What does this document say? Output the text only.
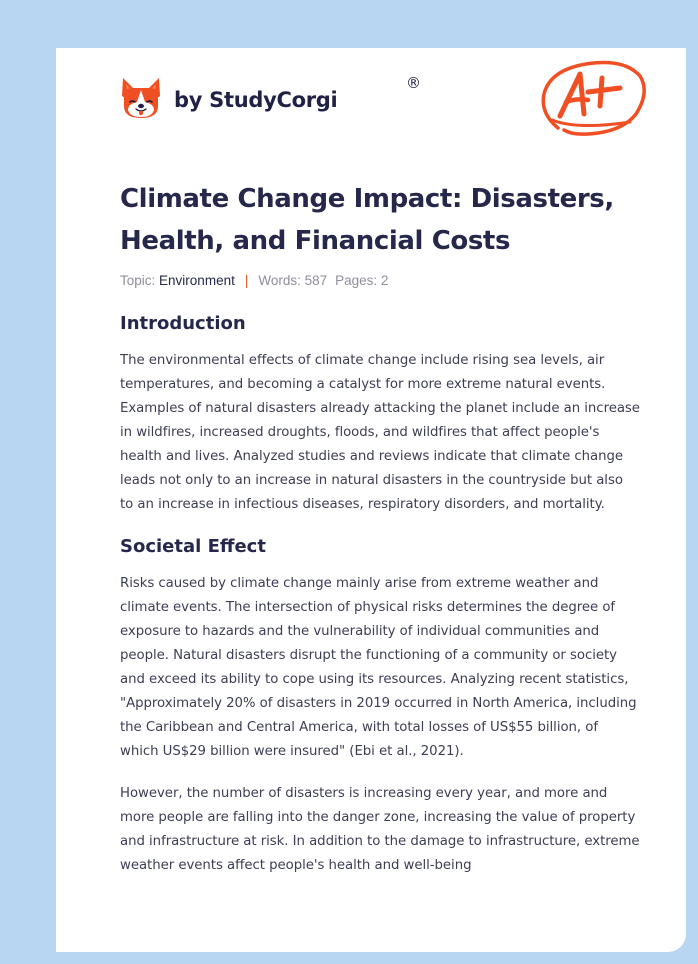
by StudyCorgi
®
Climate Change Impact: Disasters, Health, and Financial Costs
Topic: Environment | Words: 587 Pages: 2
Introduction

The environmental effects of climate change include rising sea levels, air temperatures, and becoming a catalyst for more extreme natural events. Examples of natural disasters already attacking the planet include an increase in wildfires, increased droughts, floods, and wildfires that affect people's health and lives. Analyzed studies and reviews indicate that climate change leads not only to an increase in natural disasters in the countryside but also to an increase in infectious diseases, respiratory disorders, and mortality.

Societal Effect

Risks caused by climate change mainly arise from extreme weather and climate events. The intersection of physical risks determines the degree of exposure to hazards and the vulnerability of individual communities and people. Natural disasters disrupt the functioning of a community or society and exceed its ability to cope using its resources. Analyzing recent statistics, "Approximately 20% of disasters in 2019 occurred in North America, including the Caribbean and Central America, with total losses of US$55 billion, of which US$29 billion were insured" (Ebi et al., 2021).

However, the number of disasters is increasing every year, and more and more people are falling into the danger zone, increasing the value of property and infrastructure at risk. In addition to the damage to infrastructure, extreme weather events affect people's health and well-being
